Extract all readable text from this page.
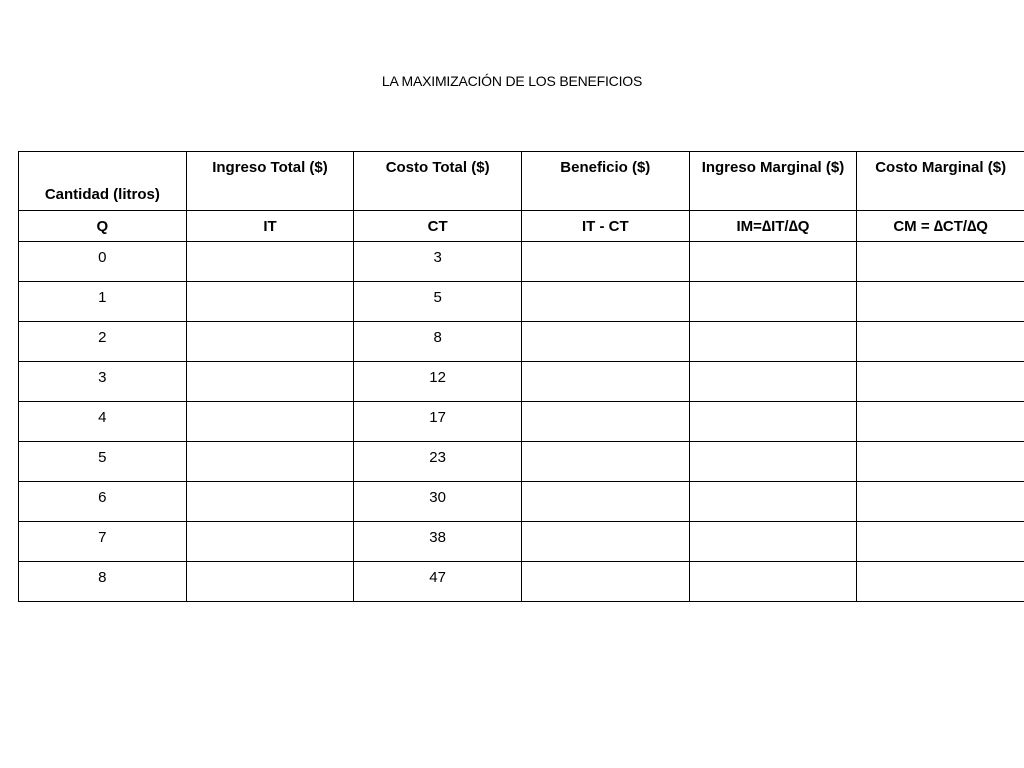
LA MAXIMIZACIÓN DE LOS BENEFICIOS
Cantidad (litros)	Ingreso Total ($)	Costo Total ($)	Beneficio ($)	Ingreso Marginal ($)	Costo Marginal ($)
Q	IT	CT	IT - CT	IM=∆IT/∆Q	CM = ∆CT/∆Q
0		3			
1		5			
2		8			
3		12			
4		17			
5		23			
6		30			
7		38			
8		47			
